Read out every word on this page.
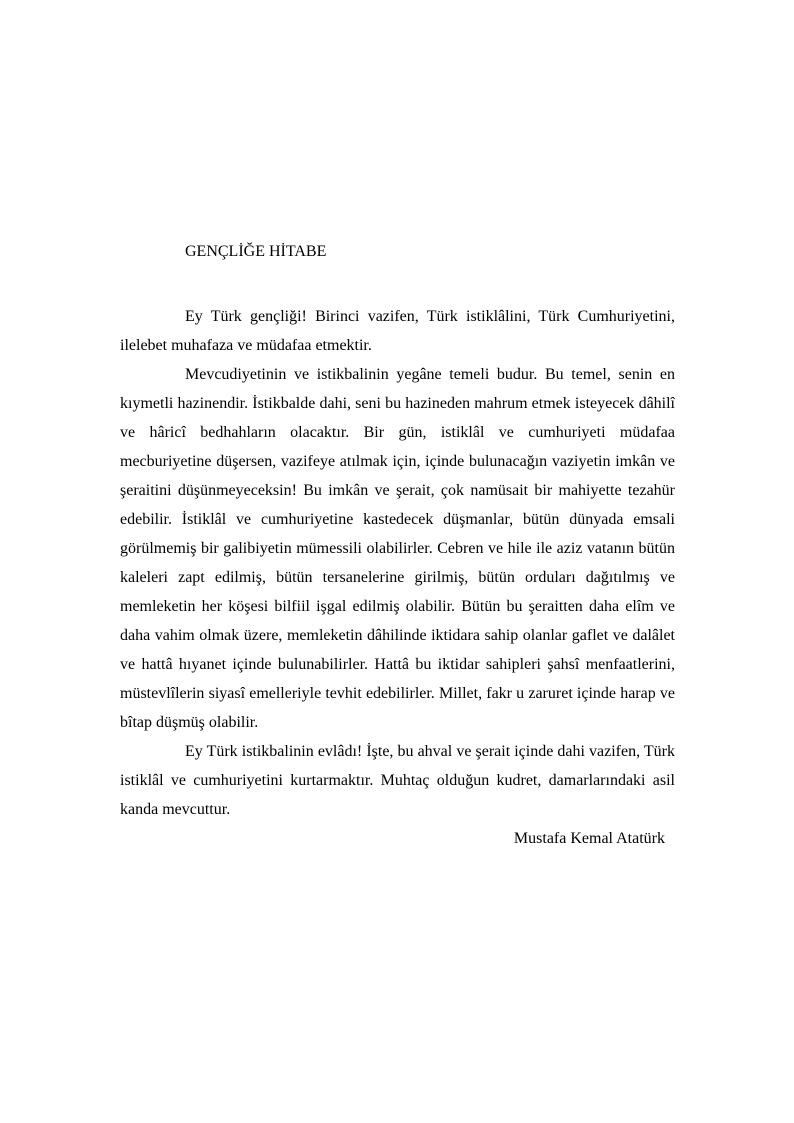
GENÇLİĞE HİTABE

Ey Türk gençliği! Birinci vazifen, Türk istiklâlini, Türk Cumhuriyetini, ilelebet muhafaza ve müdafaa etmektir.

Mevcudiyetinin ve istikbalinin yegâne temeli budur. Bu temel, senin en kıymetli hazinendir. İstikbalde dahi, seni bu hazineden mahrum etmek isteyecek dâhilî ve hâricî bedhahların olacaktır. Bir gün, istiklâl ve cumhuriyeti müdafaa mecburiyetine düşersen, vazifeye atılmak için, içinde bulunacağın vaziyetin imkân ve şeraitini düşünmeyeceksin! Bu imkân ve şerait, çok namüsait bir mahiyette tezahür edebilir. İstiklâl ve cumhuriyetine kastedecek düşmanlar, bütün dünyada emsali görülmemiş bir galibiyetin mümessili olabilirler. Cebren ve hile ile aziz vatanın bütün kaleleri zapt edilmiş, bütün tersanelerine girilmiş, bütün orduları dağıtılmış ve memleketin her köşesi bilfiil işgal edilmiş olabilir. Bütün bu şeraitten daha elîm ve daha vahim olmak üzere, memleketin dâhilinde iktidara sahip olanlar gaflet ve dalâlet ve hattâ hıyanet içinde bulunabilirler. Hattâ bu iktidar sahipleri şahsî menfaatlerini, müstevlîlerin siyasî emelleriyle tevhit edebilirler. Millet, fakr u zaruret içinde harap ve bîtap düşmüş olabilir.

Ey Türk istikbalinin evlâdı! İşte, bu ahval ve şerait içinde dahi vazifen, Türk istiklâl ve cumhuriyetini kurtarmaktır. Muhtaç olduğun kudret, damarlarındaki asil kanda mevcuttur.

Mustafa Kemal Atatürk
